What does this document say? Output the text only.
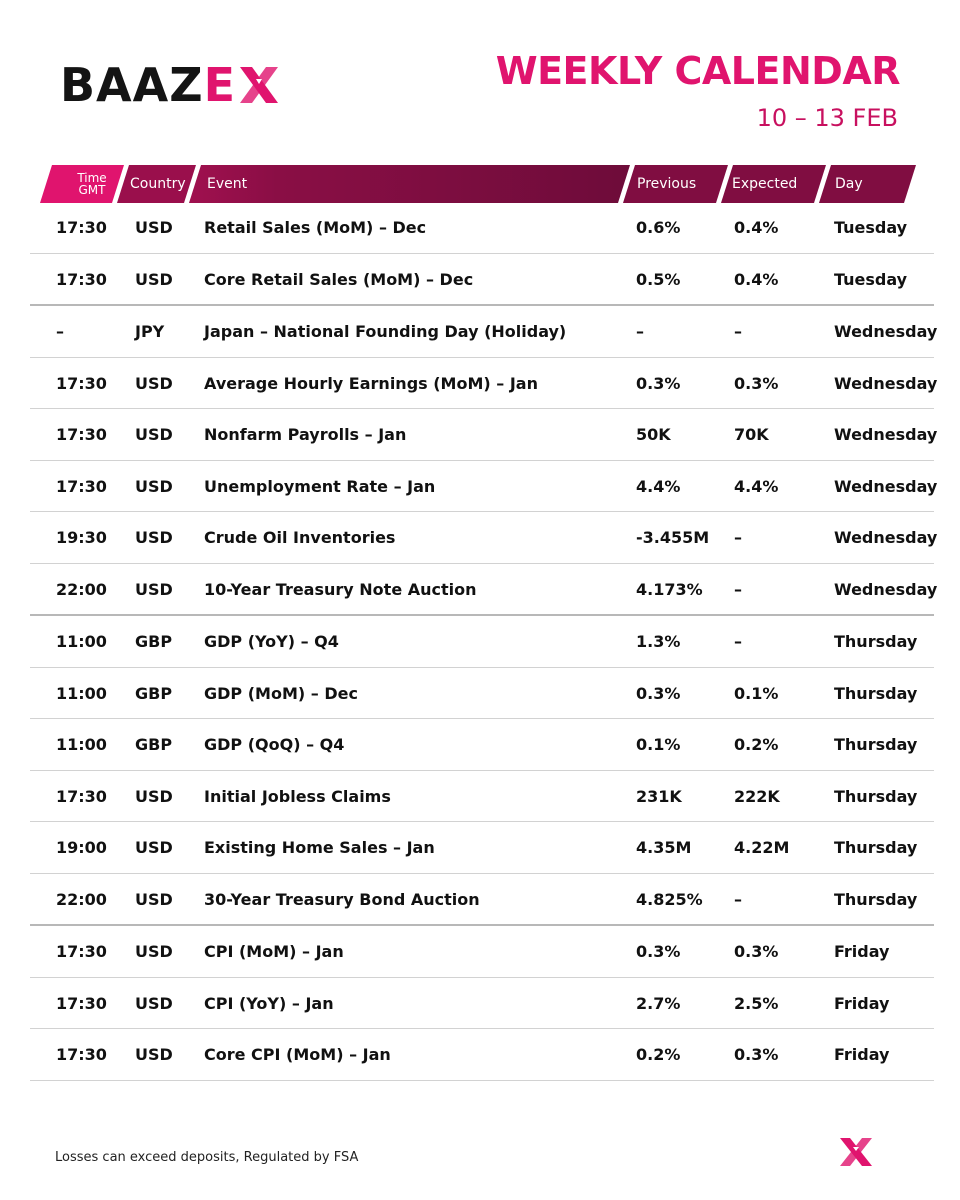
BAAZ E	WEEKLY CALENDAR
10 – 13 FEB
Time
GMT Country Event	Previous	Expected	Day
17:30 USD Retail Sales (MoM) – Dec	0.6%	0.4%	Tuesday
17:30 USD Core Retail Sales (MoM) – Dec	0.5%	0.4%	Tuesday
–	JPY Japan – National Founding Day (Holiday)	–	–	Wednesday
17:30 USD Average Hourly Earnings (MoM) – Jan	0.3%	0.3%	Wednesday
17:30 USD Nonfarm Payrolls – Jan	50K	70K	Wednesday
17:30 USD Unemployment Rate – Jan	4.4%	4.4%	Wednesday
19:30 USD Crude Oil Inventories	-3.455M –	Wednesday
22:00 USD 10-Year Treasury Note Auction	4.173% –	Wednesday
11:00 GBP GDP (YoY) – Q4	1.3%	–	Thursday
11:00 GBP GDP (MoM) – Dec	0.3%	0.1%	Thursday
11:00 GBP GDP (QoQ) – Q4	0.1%	0.2%	Thursday
17:30 USD Initial Jobless Claims	231K	222K	Thursday
19:00 USD Existing Home Sales – Jan	4.35M	4.22M	Thursday
22:00 USD 30-Year Treasury Bond Auction	4.825% –	Thursday
17:30 USD CPI (MoM) – Jan	0.3%	0.3%	Friday
17:30 USD CPI (YoY) – Jan	2.7%	2.5%	Friday
17:30 USD Core CPI (MoM) – Jan	0.2%	0.3%	Friday
Losses can exceed deposits, Regulated by FSA
